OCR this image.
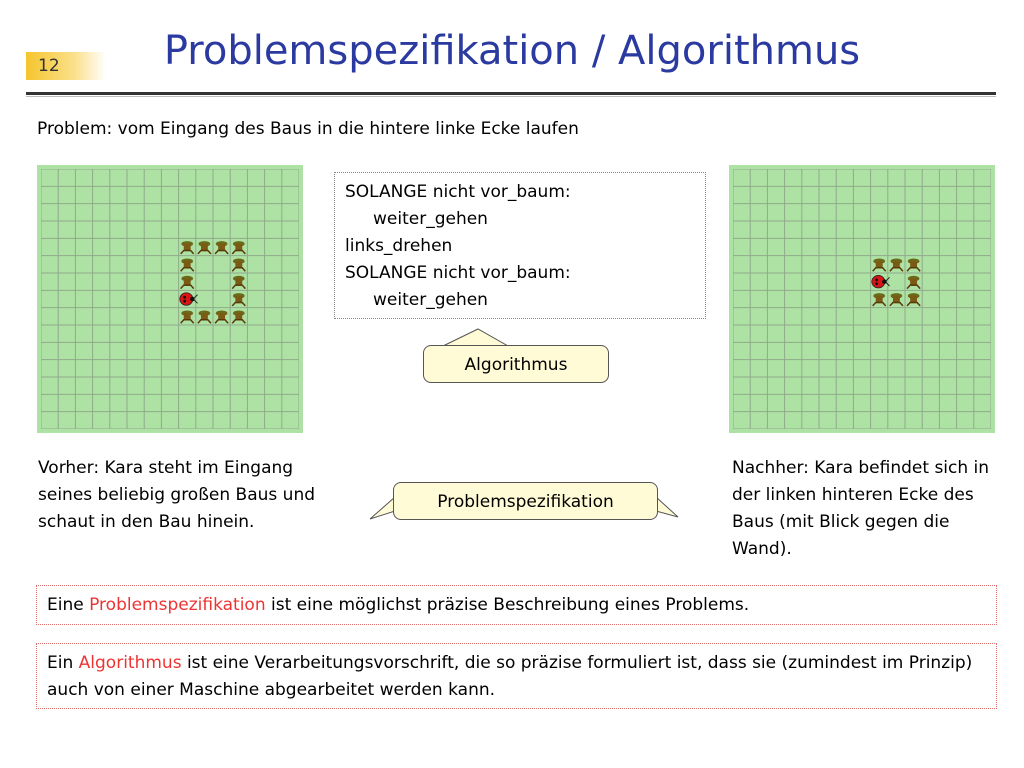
12	Problemspezifikation / Algorithmus
Problem: vom Eingang des Baus in die hintere linke Ecke laufen
SOLANGE nicht vor_baum:
weiter_gehen
links_drehen
SOLANGE nicht vor_baum:
weiter_gehen
Algorithmus
Problemspezifikation
Vorher: Kara steht im Eingang seines beliebig großen Baus und schaut in den Bau hinein.
Nachher: Kara befindet sich in der linken hinteren Ecke des Baus (mit Blick gegen die Wand).
Eine Problemspezifikation ist eine möglichst präzise Beschreibung eines Problems.
Ein Algorithmus ist eine Verarbeitungsvorschrift, die so präzise formuliert ist, dass sie (zumindest im Prinzip) auch von einer Maschine abgearbeitet werden kann.
